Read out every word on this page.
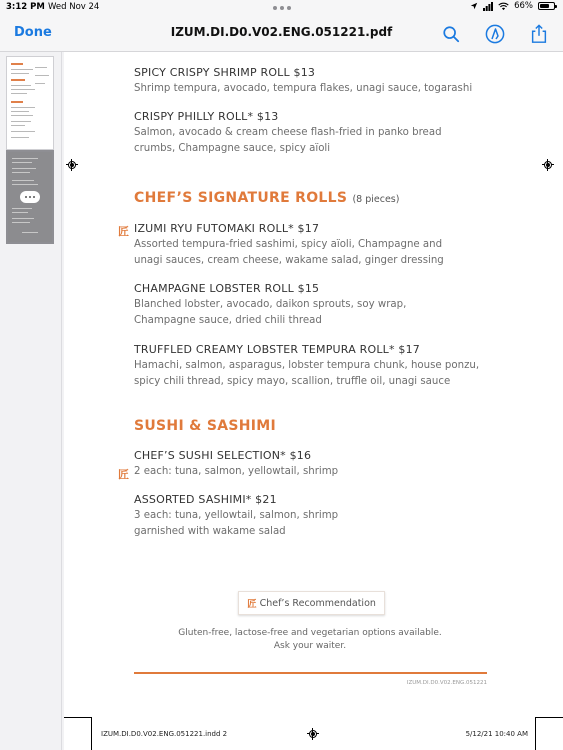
3:12 PM Wed Nov 24	66%
Done	IZUM.DI.D0.V02.ENG.051221.pdf
SPICY CRISPY SHRIMP ROLL $13
Shrimp tempura, avocado, tempura flakes, unagi sauce, togarashi
CRISPY PHILLY ROLL* $13
Salmon, avocado & cream cheese flash-fried in panko bread
crumbs, Champagne sauce, spicy aïoli
CHEF’S SIGNATURE ROLLS (8 pieces)
匠 IZUMI RYU FUTOMAKI ROLL* $17
Assorted tempura-fried sashimi, spicy aïoli, Champagne and
unagi sauces, cream cheese, wakame salad, ginger dressing
CHAMPAGNE LOBSTER ROLL $15
Blanched lobster, avocado, daikon sprouts, soy wrap,
Champagne sauce, dried chili thread
TRUFFLED CREAMY LOBSTER TEMPURA ROLL* $17
Hamachi, salmon, asparagus, lobster tempura chunk, house ponzu,
spicy chili thread, spicy mayo, scallion, truffle oil, unagi sauce
SUSHI & SASHIMI
CHEF’S SUSHI SELECTION* $16
2 each: tuna, salmon, yellowtail, shrimp
匠
ASSORTED SASHIMI* $21
3 each: tuna, yellowtail, salmon, shrimp
garnished with wakame salad
匠 Chef’s Recommendation
Gluten-free, lactose-free and vegetarian options available.
Ask your waiter.
IZUM.DI.D0.V02.ENG.051221
IZUM.DI.D0.V02.ENG.051221.indd 2	5/12/21 10:40 AM
